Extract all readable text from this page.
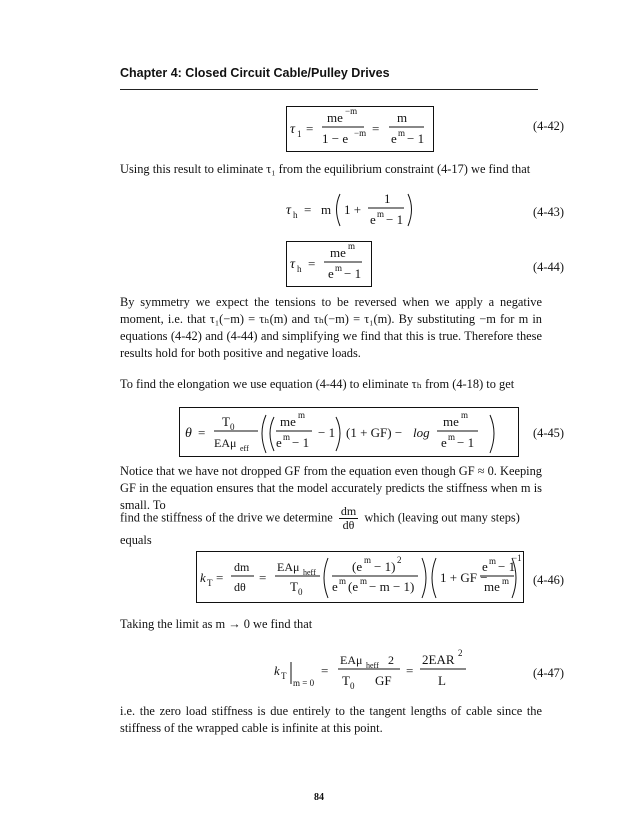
Chapter 4: Closed Circuit Cable/Pulley Drives
τ 1 =
me −m
1 − e −m =
m
e m − 1
(4-42)
Using this result to eliminate τ₁ from the equilibrium constraint (4-17) we find that
τ h = m 1 +
1
e m − 1	(4-43)
τ h =
me m
e m − 1	(4-44)
By symmetry we expect the tensions to be reversed when we apply a negative moment, i.e. that τ₁(−m) = τₕ(m) and τₕ(−m) = τ₁(m). By substituting −m for m in equations (4-42) and (4-44) and simplifying we find that this is true. Therefore these results hold for both positive and negative loads.
To find the elongation we use equation (4-44) to eliminate τₕ from (4-18) to get
θ =
T 0
EAμ eff
me m
e m − 1
− 1 (1 + GF) − log
me m
e m − 1
(4-45)
Notice that we have not dropped GF from the equation even though GF ≈ 0. Keeping GF in the equation ensures that the model accurately predicts the stiffness when m is small. To
find the stiffness of the drive we determine $\frac{dm}{d\theta}$ which (leaving out many steps) equals
k T =
dm
dθ
=
EAμ heff
T 0
(e m − 1) 2
e m (e m − m − 1)
1 + GF −
e m − 1
me m
−1
(4-46)
Taking the limit as m → 0 we find that
k T
m = 0
=
EAμ heff 2
T 0 GF
=
2EAR 2
L	(4-47)
i.e. the zero load stiffness is due entirely to the tangent lengths of cable since the stiffness of the wrapped cable is infinite at this point.
84
